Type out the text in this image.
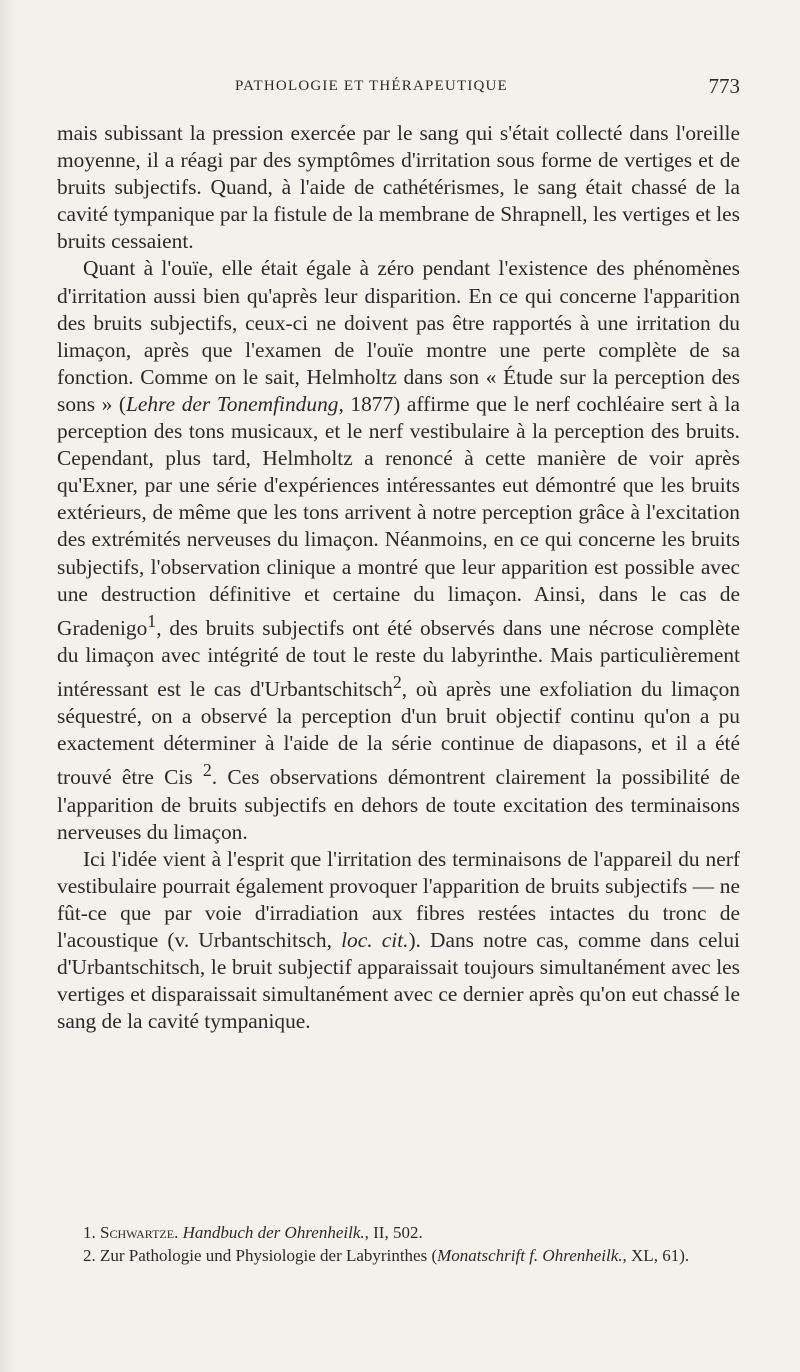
PATHOLOGIE ET THÉRAPEUTIQUE	773

mais subissant la pression exercée par le sang qui s'était collecté dans l'oreille moyenne, il a réagi par des symptômes d'irritation sous forme de vertiges et de bruits subjectifs. Quand, à l'aide de cathétérismes, le sang était chassé de la cavité tympanique par la fistule de la membrane de Shrapnell, les vertiges et les bruits cessaient.

Quant à l'ouïe, elle était égale à zéro pendant l'existence des phénomènes d'irritation aussi bien qu'après leur disparition. En ce qui concerne l'apparition des bruits subjectifs, ceux-ci ne doivent pas être rapportés à une irritation du limaçon, après que l'examen de l'ouïe montre une perte complète de sa fonction. Comme on le sait, Helmholtz dans son « Étude sur la perception des sons » (Lehre der Tonemfindung, 1877) affirme que le nerf cochléaire sert à la perception des tons musicaux, et le nerf vestibulaire à la perception des bruits. Cependant, plus tard, Helmholtz a renoncé à cette manière de voir après qu'Exner, par une série d'expériences intéressantes eut démontré que les bruits extérieurs, de même que les tons arrivent à notre perception grâce à l'excitation des extrémités nerveuses du limaçon. Néanmoins, en ce qui concerne les bruits subjectifs, l'observation clinique a montré que leur apparition est possible avec une destruction définitive et certaine du limaçon. Ainsi, dans le cas de Gradenigo$^1$, des bruits subjectifs ont été observés dans une nécrose complète du limaçon avec intégrité de tout le reste du labyrinthe. Mais particulièrement intéressant est le cas d'Urbantschitsch$^2$, où après une exfoliation du limaçon séquestré, on a observé la perception d'un bruit objectif continu qu'on a pu exactement déterminer à l'aide de la série continue de diapasons, et il a été trouvé être Cis $^2$. Ces observations démontrent clairement la possibilité de l'apparition de bruits subjectifs en dehors de toute excitation des terminaisons nerveuses du limaçon.

Ici l'idée vient à l'esprit que l'irritation des terminaisons de l'appareil du nerf vestibulaire pourrait également provoquer l'apparition de bruits subjectifs — ne fût-ce que par voie d'irradiation aux fibres restées intactes du tronc de l'acoustique (v. Urbantschitsch, loc. cit.). Dans notre cas, comme dans celui d'Urbantschitsch, le bruit subjectif apparaissait toujours simultanément avec les vertiges et disparaissait simultanément avec ce dernier après qu'on eut chassé le sang de la cavité tympanique.

1. Schwartze. Handbuch der Ohrenheilk., II, 502.

2. Zur Pathologie und Physiologie der Labyrinthes (Monatschrift f. Ohrenheilk., XL, 61).
